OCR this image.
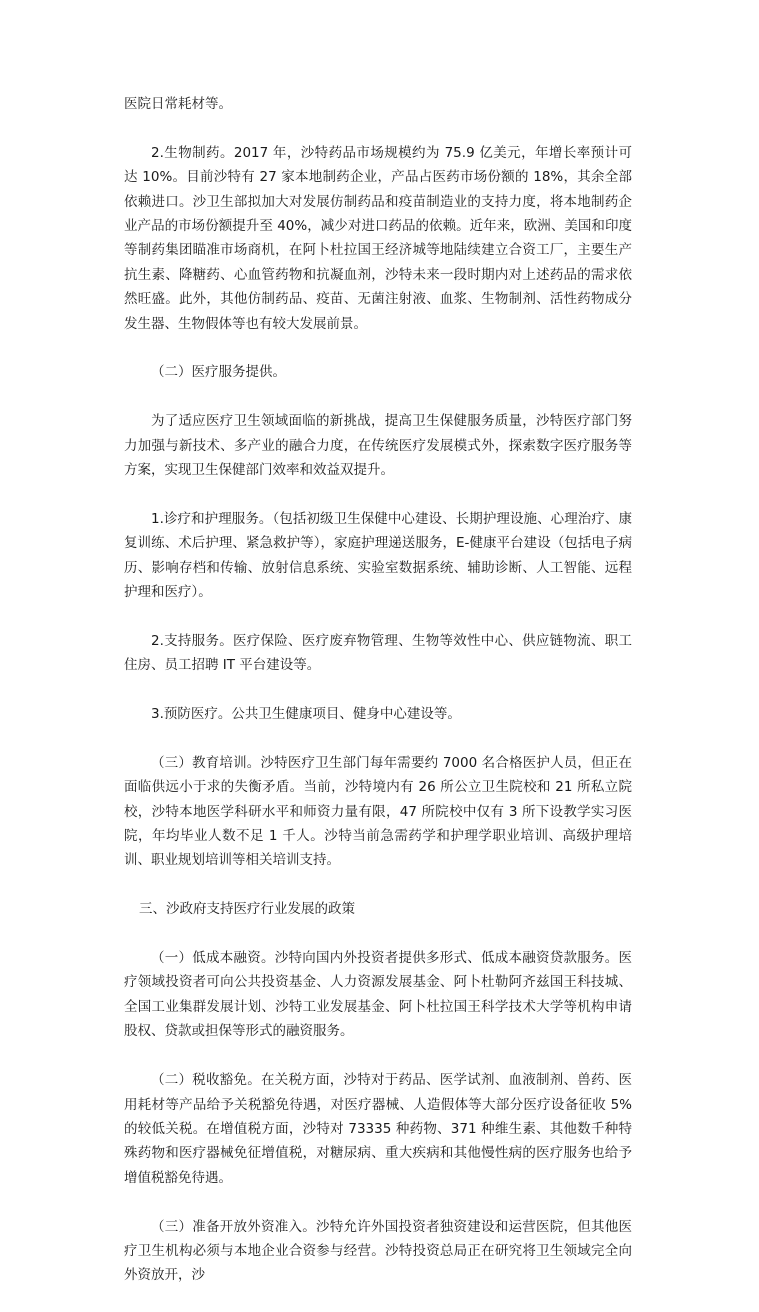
医院日常耗材等。

2.生物制药。2017 年，沙特药品市场规模约为 75.9 亿美元，年增长率预计可达 10%。目前沙特有 27 家本地制药企业，产品占医药市场份额的 18%，其余全部依赖进口。沙卫生部拟加大对发展仿制药品和疫苗制造业的支持力度，将本地制药企业产品的市场份额提升至 40%，减少对进口药品的依赖。近年来，欧洲、美国和印度等制药集团瞄准市场商机，在阿卜杜拉国王经济城等地陆续建立合资工厂，主要生产抗生素、降糖药、心血管药物和抗凝血剂，沙特未来一段时期内对上述药品的需求依然旺盛。此外，其他仿制药品、疫苗、无菌注射液、血浆、生物制剂、活性药物成分发生器、生物假体等也有较大发展前景。

（二）医疗服务提供。

为了适应医疗卫生领域面临的新挑战，提高卫生保健服务质量，沙特医疗部门努力加强与新技术、多产业的融合力度，在传统医疗发展模式外，探索数字医疗服务等方案，实现卫生保健部门效率和效益双提升。

1.诊疗和护理服务。（包括初级卫生保健中心建设、长期护理设施、心理治疗、康复训练、术后护理、紧急救护等），家庭护理递送服务，E-健康平台建设（包括电子病历、影响存档和传输、放射信息系统、实验室数据系统、辅助诊断、人工智能、远程护理和医疗）。

2.支持服务。医疗保险、医疗废弃物管理、生物等效性中心、供应链物流、职工住房、员工招聘 IT 平台建设等。

3.预防医疗。公共卫生健康项目、健身中心建设等。

（三）教育培训。沙特医疗卫生部门每年需要约 7000 名合格医护人员，但正在面临供远小于求的失衡矛盾。当前，沙特境内有 26 所公立卫生院校和 21 所私立院校，沙特本地医学科研水平和师资力量有限，47 所院校中仅有 3 所下设教学实习医院，年均毕业人数不足 1 千人。沙特当前急需药学和护理学职业培训、高级护理培训、职业规划培训等相关培训支持。

三、沙政府支持医疗行业发展的政策

（一）低成本融资。沙特向国内外投资者提供多形式、低成本融资贷款服务。医疗领域投资者可向公共投资基金、人力资源发展基金、阿卜杜勒阿齐兹国王科技城、全国工业集群发展计划、沙特工业发展基金、阿卜杜拉国王科学技术大学等机构申请股权、贷款或担保等形式的融资服务。

（二）税收豁免。在关税方面，沙特对于药品、医学试剂、血液制剂、兽药、医用耗材等产品给予关税豁免待遇，对医疗器械、人造假体等大部分医疗设备征收 5%的较低关税。在增值税方面，沙特对 73335 种药物、371 种维生素、其他数千种特殊药物和医疗器械免征增值税，对糖尿病、重大疾病和其他慢性病的医疗服务也给予增值税豁免待遇。

（三）准备开放外资准入。沙特允许外国投资者独资建设和运营医院，但其他医疗卫生机构必须与本地企业合资参与经营。沙特投资总局正在研究将卫生领域完全向外资放开，沙
